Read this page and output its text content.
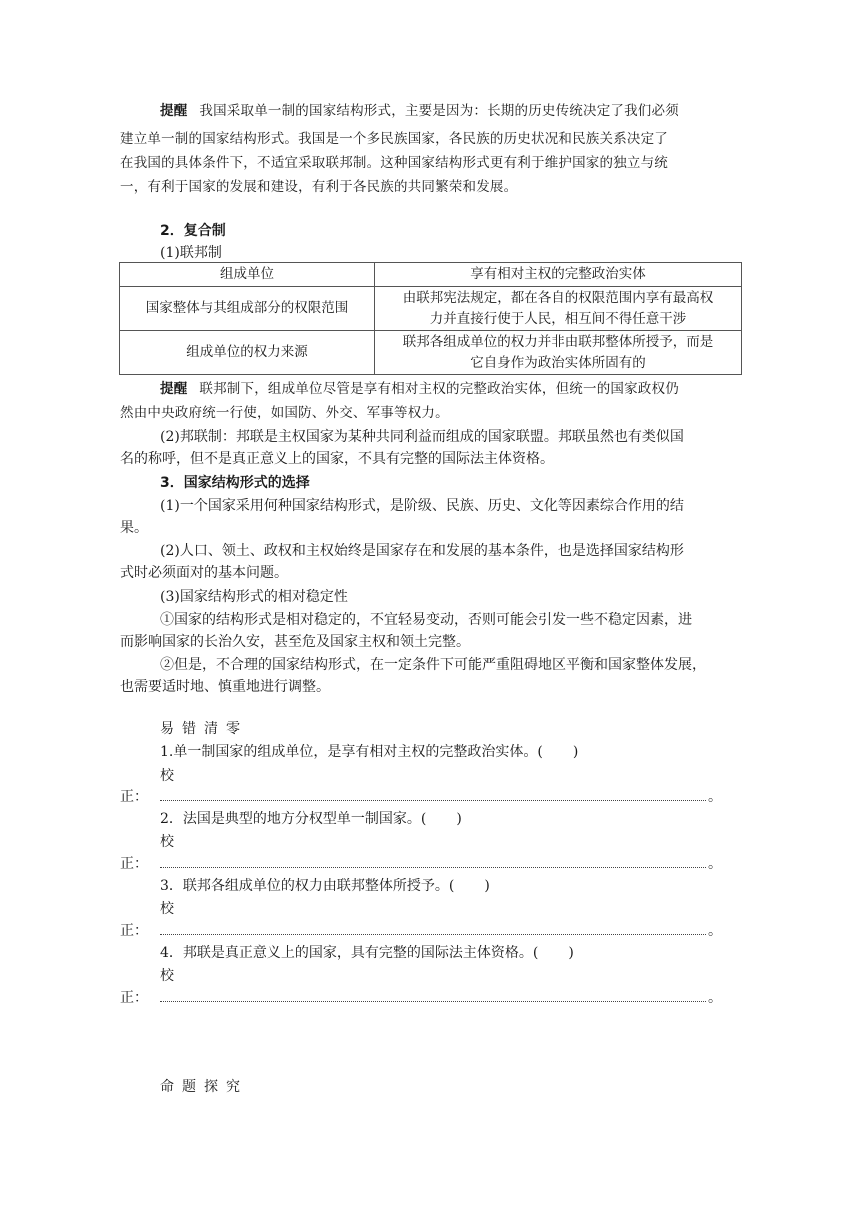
提醒 我国采取单一制的国家结构形式，主要是因为：长期的历史传统决定了我们必须
建立单一制的国家结构形式。我国是一个多民族国家，各民族的历史状况和民族关系决定了
在我国的具体条件下，不适宜采取联邦制。这种国家结构形式更有利于维护国家的独立与统
一，有利于国家的发展和建设，有利于各民族的共同繁荣和发展。
2．复合制
(1)联邦制
组成单位	享有相对主权的完整政治实体
国家整体与其组成部分的权限范围	由联邦宪法规定，都在各自的权限范围内享有最高权
力并直接行使于人民，相互间不得任意干涉

组成单位的权力来源	联邦各组成单位的权力并非由联邦整体所授予，而是
它自身作为政治实体所固有的
提醒 联邦制下，组成单位尽管是享有相对主权的完整政治实体，但统一的国家政权仍
然由中央政府统一行使，如国防、外交、军事等权力。
(2)邦联制：邦联是主权国家为某种共同利益而组成的国家联盟。邦联虽然也有类似国
名的称呼，但不是真正意义上的国家，不具有完整的国际法主体资格。
3．国家结构形式的选择
(1)一个国家采用何种国家结构形式，是阶级、民族、历史、文化等因素综合作用的结
果。
(2)人口、领土、政权和主权始终是国家存在和发展的基本条件，也是选择国家结构形
式时必须面对的基本问题。
(3)国家结构形式的相对稳定性
①国家的结构形式是相对稳定的，不宜轻易变动，否则可能会引发一些不稳定因素，进
而影响国家的长治久安，甚至危及国家主权和领土完整。
②但是，不合理的国家结构形式，在一定条件下可能严重阻碍地区平衡和国家整体发展，
也需要适时地、慎重地进行调整。
易错清零
1.单一制国家的组成单位，是享有相对主权的完整政治实体。( )
校
正：	。
2．法国是典型的地方分权型单一制国家。( )
校
正：	。
3．联邦各组成单位的权力由联邦整体所授予。( )
校
正：	。
4．邦联是真正意义上的国家，具有完整的国际法主体资格。( )
校
正：	。
命题探究
